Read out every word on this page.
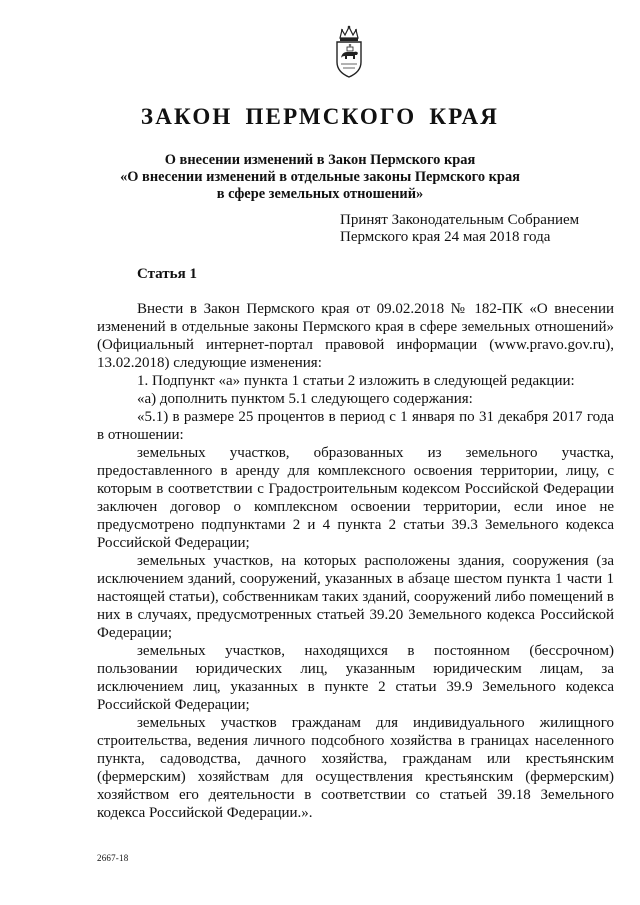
ЗАКОН ПЕРМСКОГО КРАЯ
О внесении изменений в Закон Пермского края
«О внесении изменений в отдельные законы Пермского края
в сфере земельных отношений»
Принят Законодательным Собранием
Пермского края 24 мая 2018 года
Статья 1

Внести в Закон Пермского края от 09.02.2018 № 182-ПК «О внесении изменений в отдельные законы Пермского края в сфере земельных отношений» (Официальный интернет-портал правовой информации (www.pravo.gov.ru), 13.02.2018) следующие изменения:

1. Подпункт «а» пункта 1 статьи 2 изложить в следующей редакции:

«а) дополнить пунктом 5.1 следующего содержания:

«5.1) в размере 25 процентов в период с 1 января по 31 декабря 2017 года в отношении:

земельных участков, образованных из земельного участка, предоставленного в аренду для комплексного освоения территории, лицу, с которым в соответствии с Градостроительным кодексом Российской Федерации заключен договор о комплексном освоении территории, если иное не предусмотрено подпунктами 2 и 4 пункта 2 статьи 39.3 Земельного кодекса Российской Федерации;

земельных участков, на которых расположены здания, сооружения (за исключением зданий, сооружений, указанных в абзаце шестом пункта 1 части 1 настоящей статьи), собственникам таких зданий, сооружений либо помещений в них в случаях, предусмотренных статьей 39.20 Земельного кодекса Российской Федерации;

земельных участков, находящихся в постоянном (бессрочном) пользовании юридических лиц, указанным юридическим лицам, за исключением лиц, указанных в пункте 2 статьи 39.9 Земельного кодекса Российской Федерации;

земельных участков гражданам для индивидуального жилищного строительства, ведения личного подсобного хозяйства в границах населенного пункта, садоводства, дачного хозяйства, гражданам или крестьянским (фермерским) хозяйствам для осуществления крестьянским (фермерским) хозяйством его деятельности в соответствии со статьей 39.18 Земельного кодекса Российской Федерации.».

2667-18
